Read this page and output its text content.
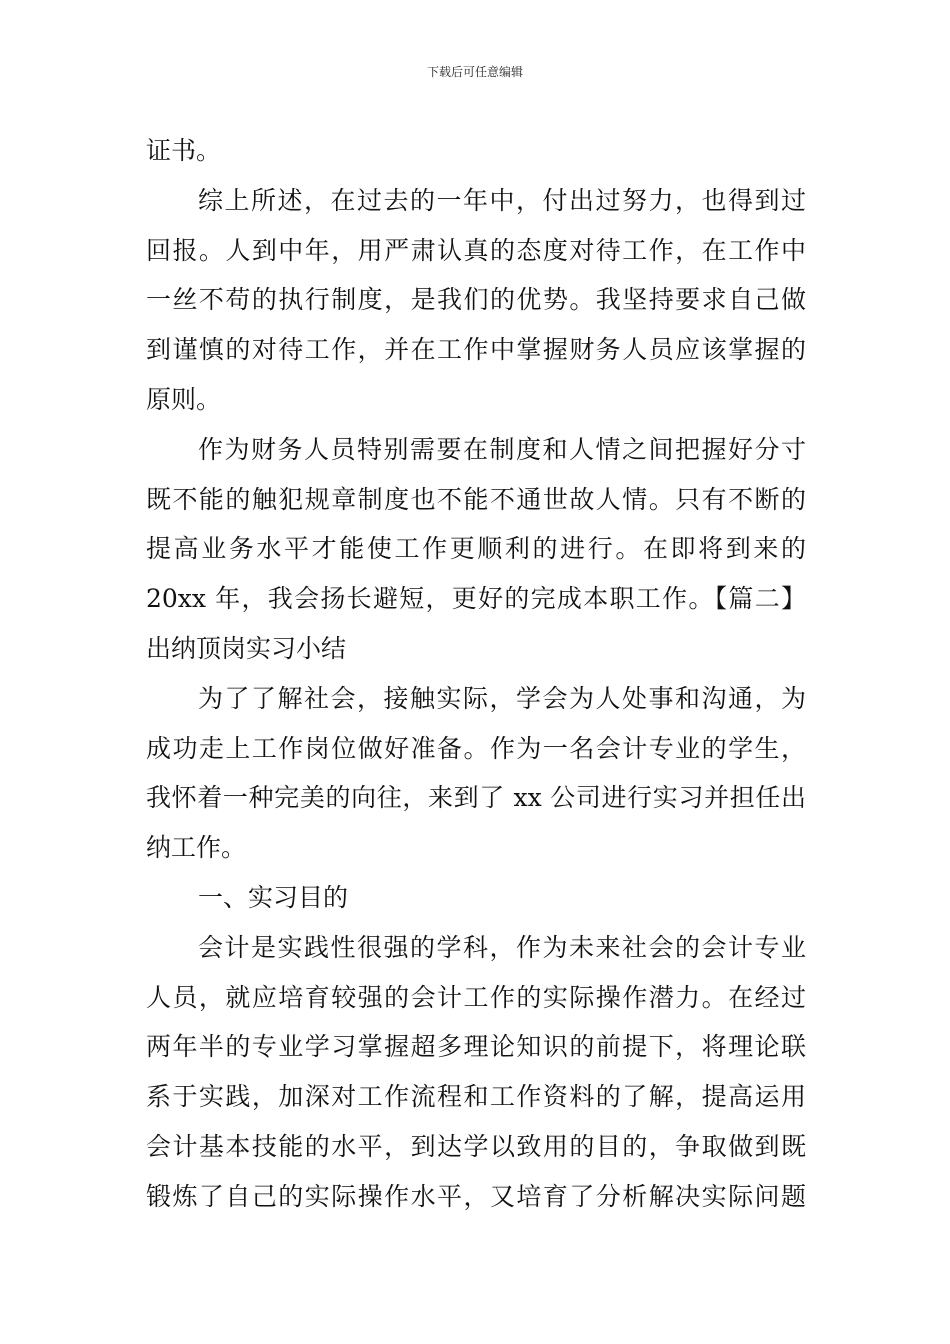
下载后可任意编辑
证书。
综上所述，在过去的一年中，付出过努力，也得到过
回报。人到中年，用严肃认真的态度对待工作，在工作中
一丝不苟的执行制度，是我们的优势。我坚持要求自己做
到谨慎的对待工作，并在工作中掌握财务人员应该掌握的
原则。
作为财务人员特别需要在制度和人情之间把握好分寸
既不能的触犯规章制度也不能不通世故人情。只有不断的
提高业务水平才能使工作更顺利的进行。在即将到来的
20xx 年，我会扬长避短，更好的完成本职工作。【篇二】
出纳顶岗实习小结
为了了解社会，接触实际，学会为人处事和沟通，为
成功走上工作岗位做好准备。作为一名会计专业的学生，
我怀着一种完美的向往，来到了 xx 公司进行实习并担任出
纳工作。
一、实习目的
会计是实践性很强的学科，作为未来社会的会计专业
人员，就应培育较强的会计工作的实际操作潜力。在经过
两年半的专业学习掌握超多理论知识的前提下，将理论联
系于实践，加深对工作流程和工作资料的了解，提高运用
会计基本技能的水平，到达学以致用的目的，争取做到既
锻炼了自己的实际操作水平，又培育了分析解决实际问题
